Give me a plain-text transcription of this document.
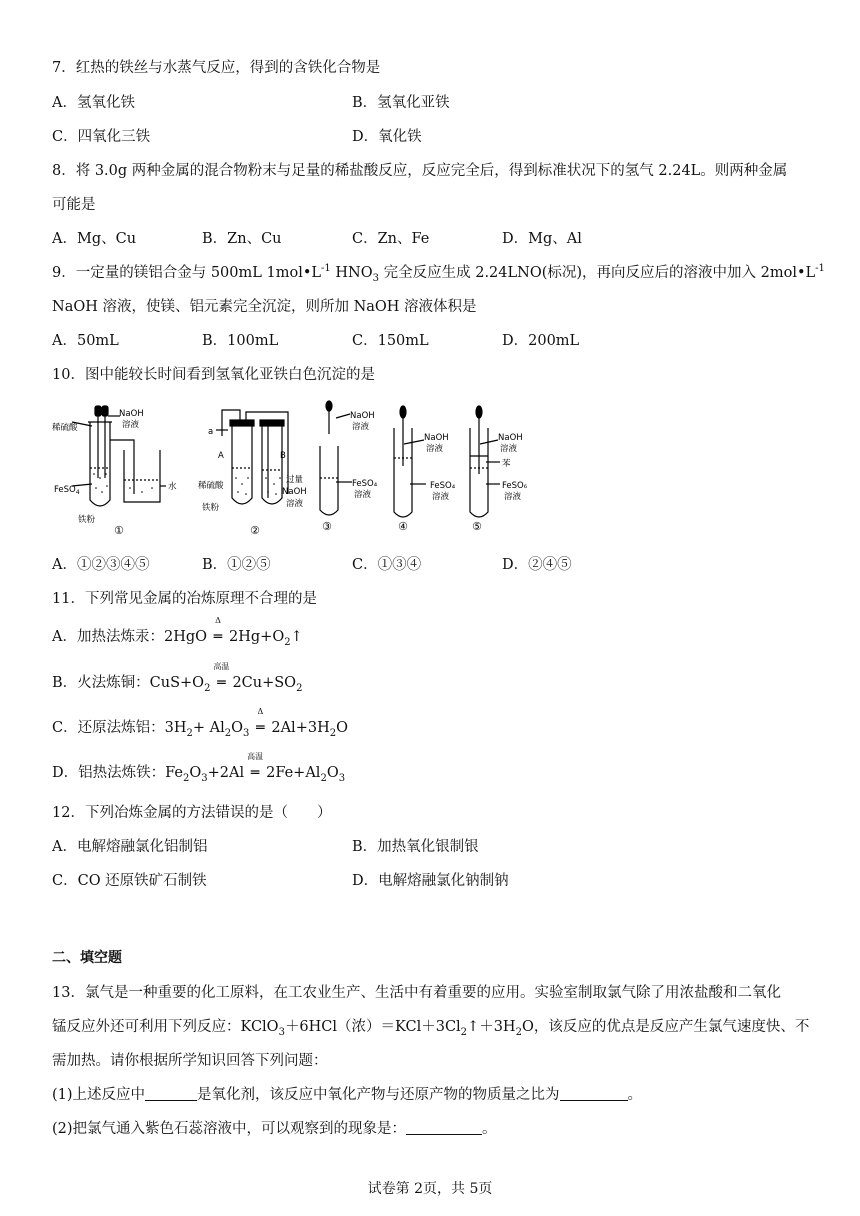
7．红热的铁丝与水蒸气反应，得到的含铁化合物是
A．氢氧化铁	B．氢氧化亚铁
C．四氧化三铁	D．氧化铁
8．将 3.0g 两种金属的混合物粉末与足量的稀盐酸反应，反应完全后，得到标准状况下的氢气 2.24L。则两种金属
可能是
A．Mg、Cu	B．Zn、Cu	C．Zn、Fe	D．Mg、Al
9．一定量的镁铝合金与 500mL $1mol•L^{-1}$ $HNO_3$ 完全反应生成 2.24LNO(标况)，再向反应后的溶液中加入 $2mol•L^{-1}$
NaOH 溶液，使镁、铝元素完全沉淀，则所加 NaOH 溶液体积是
A．50mL	B．100mL	C．150mL	D．200mL
10．图中能较长时间看到氢氧化亚铁白色沉淀的是
稀硫酸
NaOH
溶液
FeSO$_4$
水
铁粉
①
a
A	B
稀硫酸
铁粉
过量
NaOH
溶液
②
NaOH
溶液
FeSO₄
溶液
③
NaOH
溶液
FeSO₄
溶液
④
NaOH
溶液
苯
FeSO₆
溶液
⑤
A．①②③④⑤	B．①②⑤	C．①③④	D．②④⑤
11．下列常见金属的冶炼原理不合理的是
A．加热法炼汞：2HgO
Δ
═ $2Hg+O_2↑$
B．火法炼铜：$CuS+O_2$
高温
═ $2Cu+SO_2$
C．还原法炼铝：$3H_2+ Al_2O_3$
Δ
═ $2Al+3H_2O$
D．铝热法炼铁：$Fe_2O_3+2Al$
高温
═ $2Fe+Al_2O_3$
12．下列冶炼金属的方法错误的是（　　）
A．电解熔融氯化铝制铝	B．加热氧化银制银
C．CO 还原铁矿石制铁	D．电解熔融氯化钠制钠
二、填空题
13．氯气是一种重要的化工原料，在工农业生产、生活中有着重要的应用。实验室制取氯气除了用浓盐酸和二氧化
锰反应外还可利用下列反应：KClO$_3$＋6HCl（浓）$=KCl+3Cl_2↑+3H_2O$，该反应的优点是反应产生氯气速度快、不
需加热。请你根据所学知识回答下列问题：
(1)上述反应中	是氧化剂，该反应中氧化产物与还原产物的物质量之比为	。
(2)把氯气通入紫色石蕊溶液中，可以观察到的现象是：	。
试卷第 2页，共 5页
